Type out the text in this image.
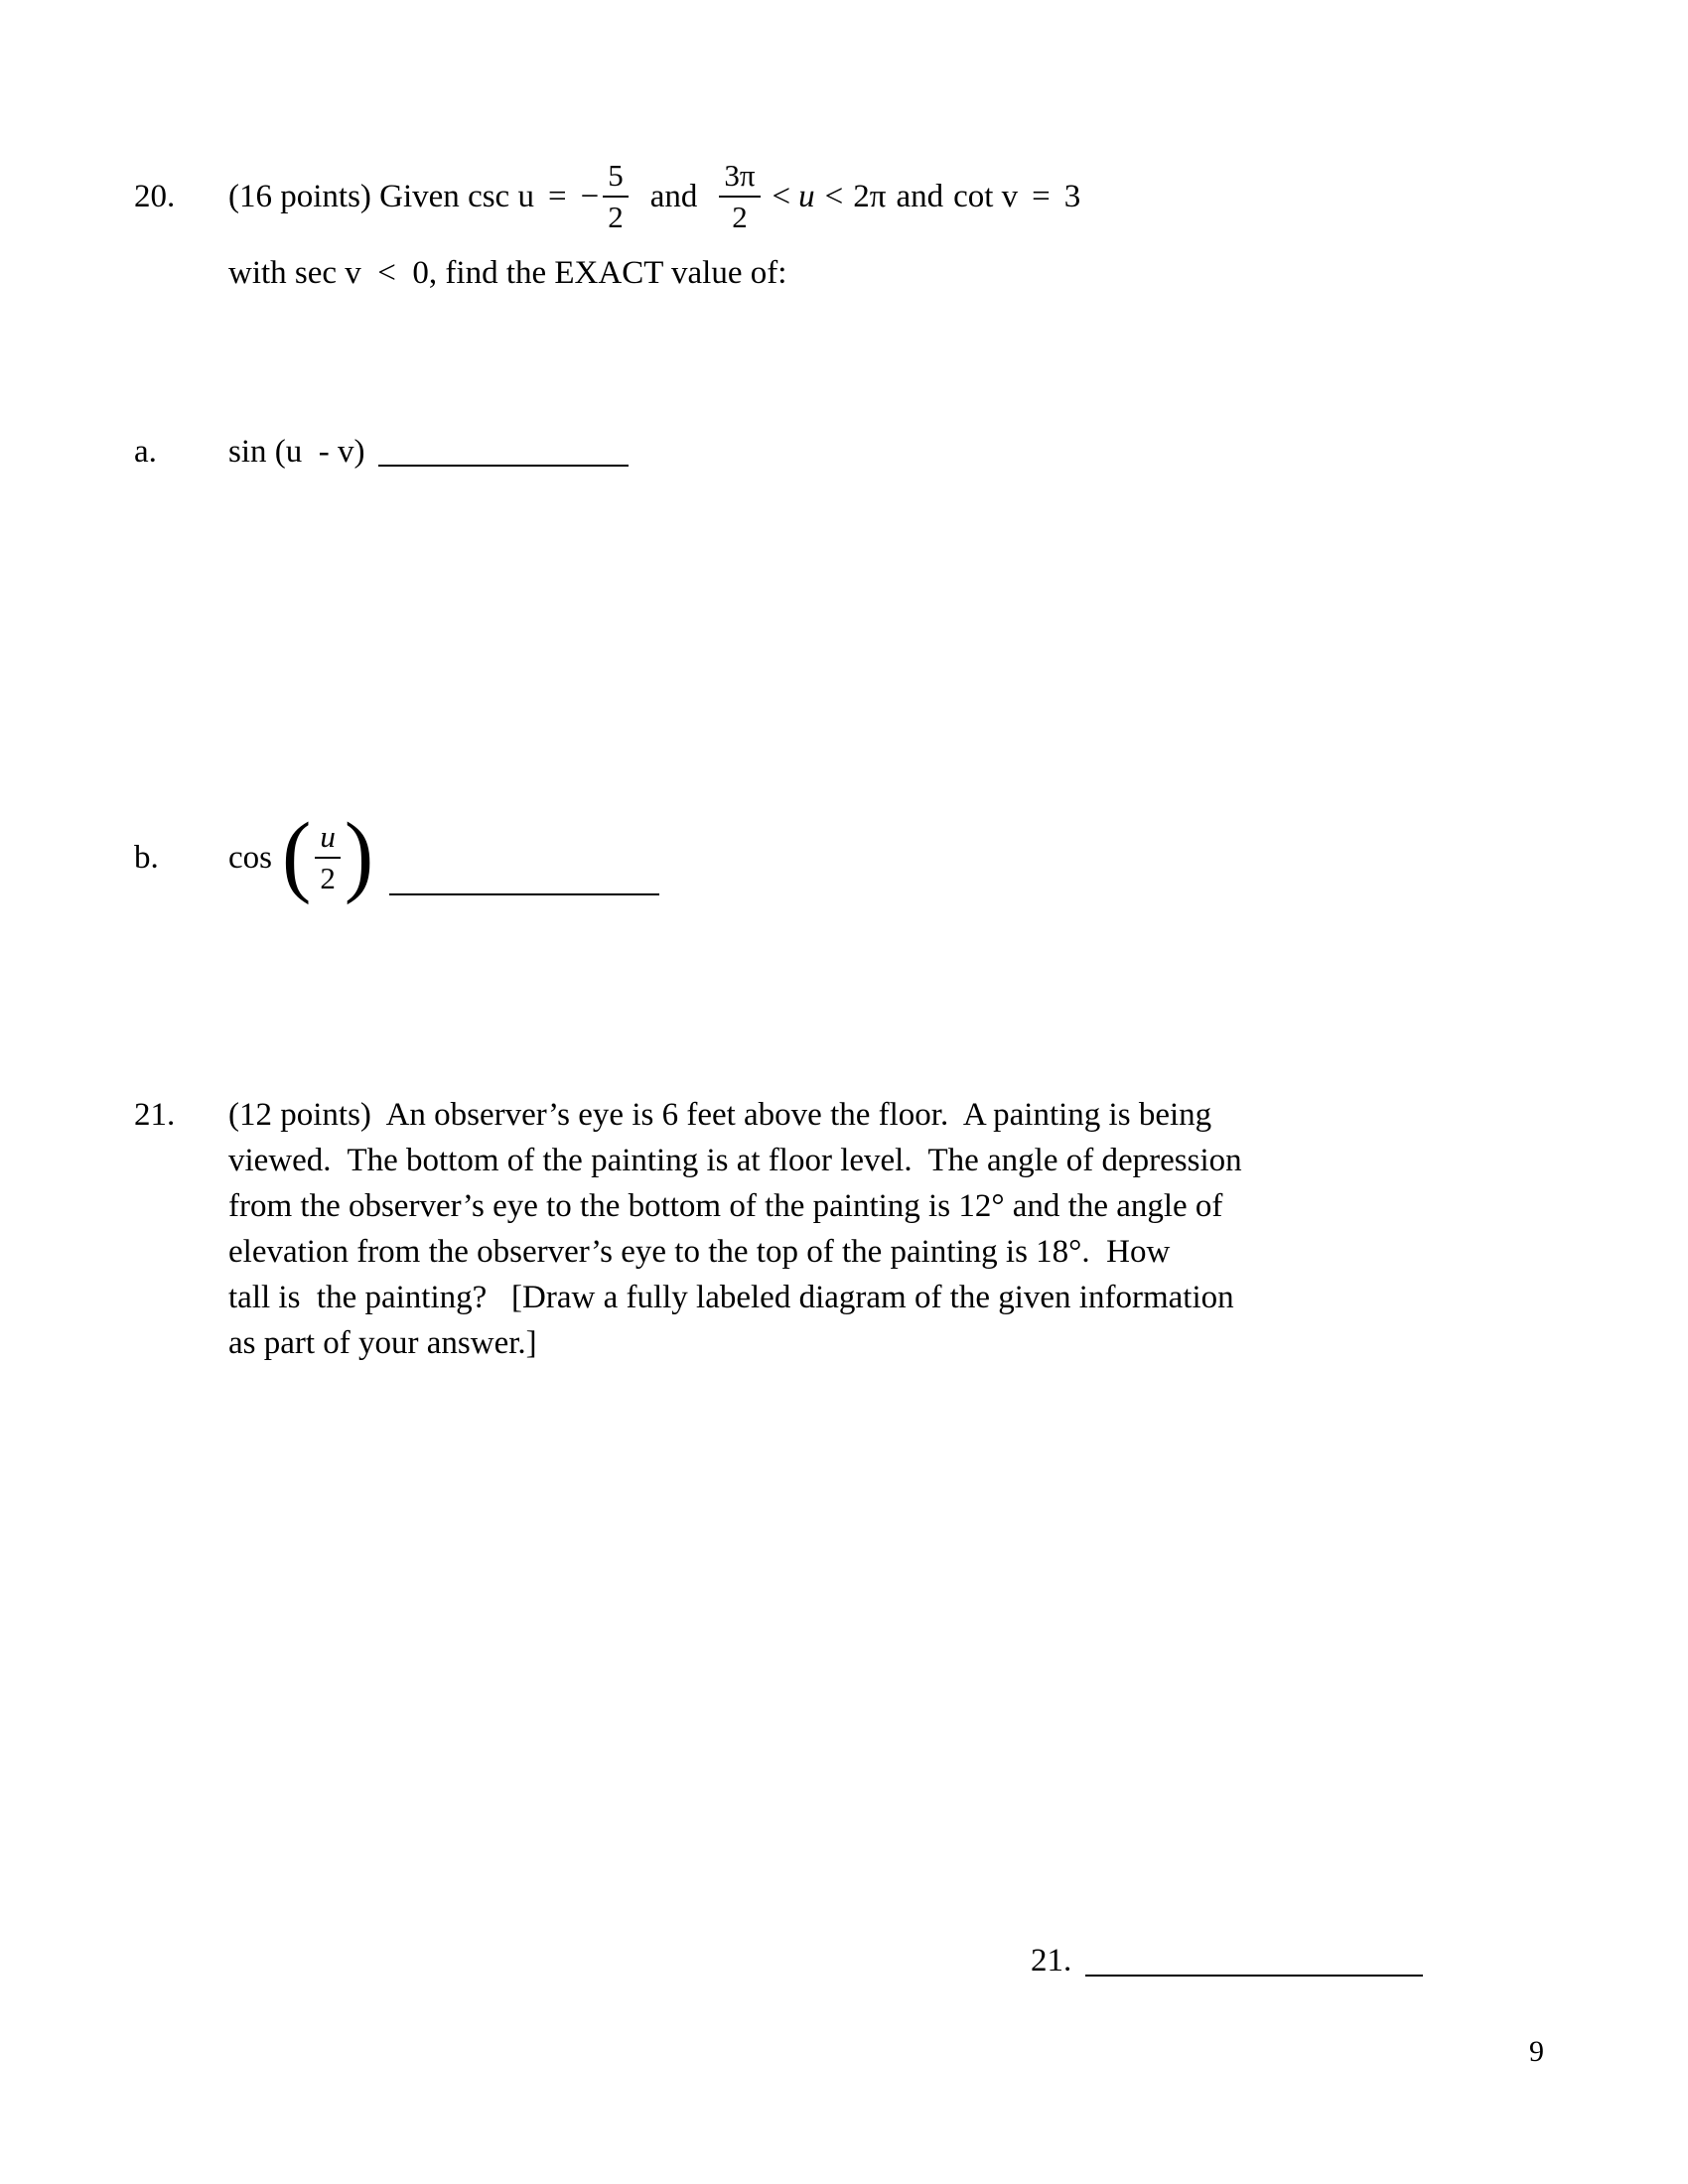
20.	(16 points) Given csc u = − $\frac{5}{2}$ and $\frac{3\pi}{2} < u < 2\pi$ and cot v = 3
with sec v  <  0, find the EXACT value of:
a.	sin (u  - v)
b.	cos ( $\frac{u}{2}$ )
21. (12 points)  An observer’s eye is 6 feet above the floor.  A painting is being
viewed.  The bottom of the painting is at floor level.  The angle of depression
from the observer’s eye to the bottom of the painting is 12° and the angle of
elevation from the observer’s eye to the top of the painting is 18°.  How
tall is  the painting?   [Draw a fully labeled diagram of the given information
as part of your answer.]
21.
9
